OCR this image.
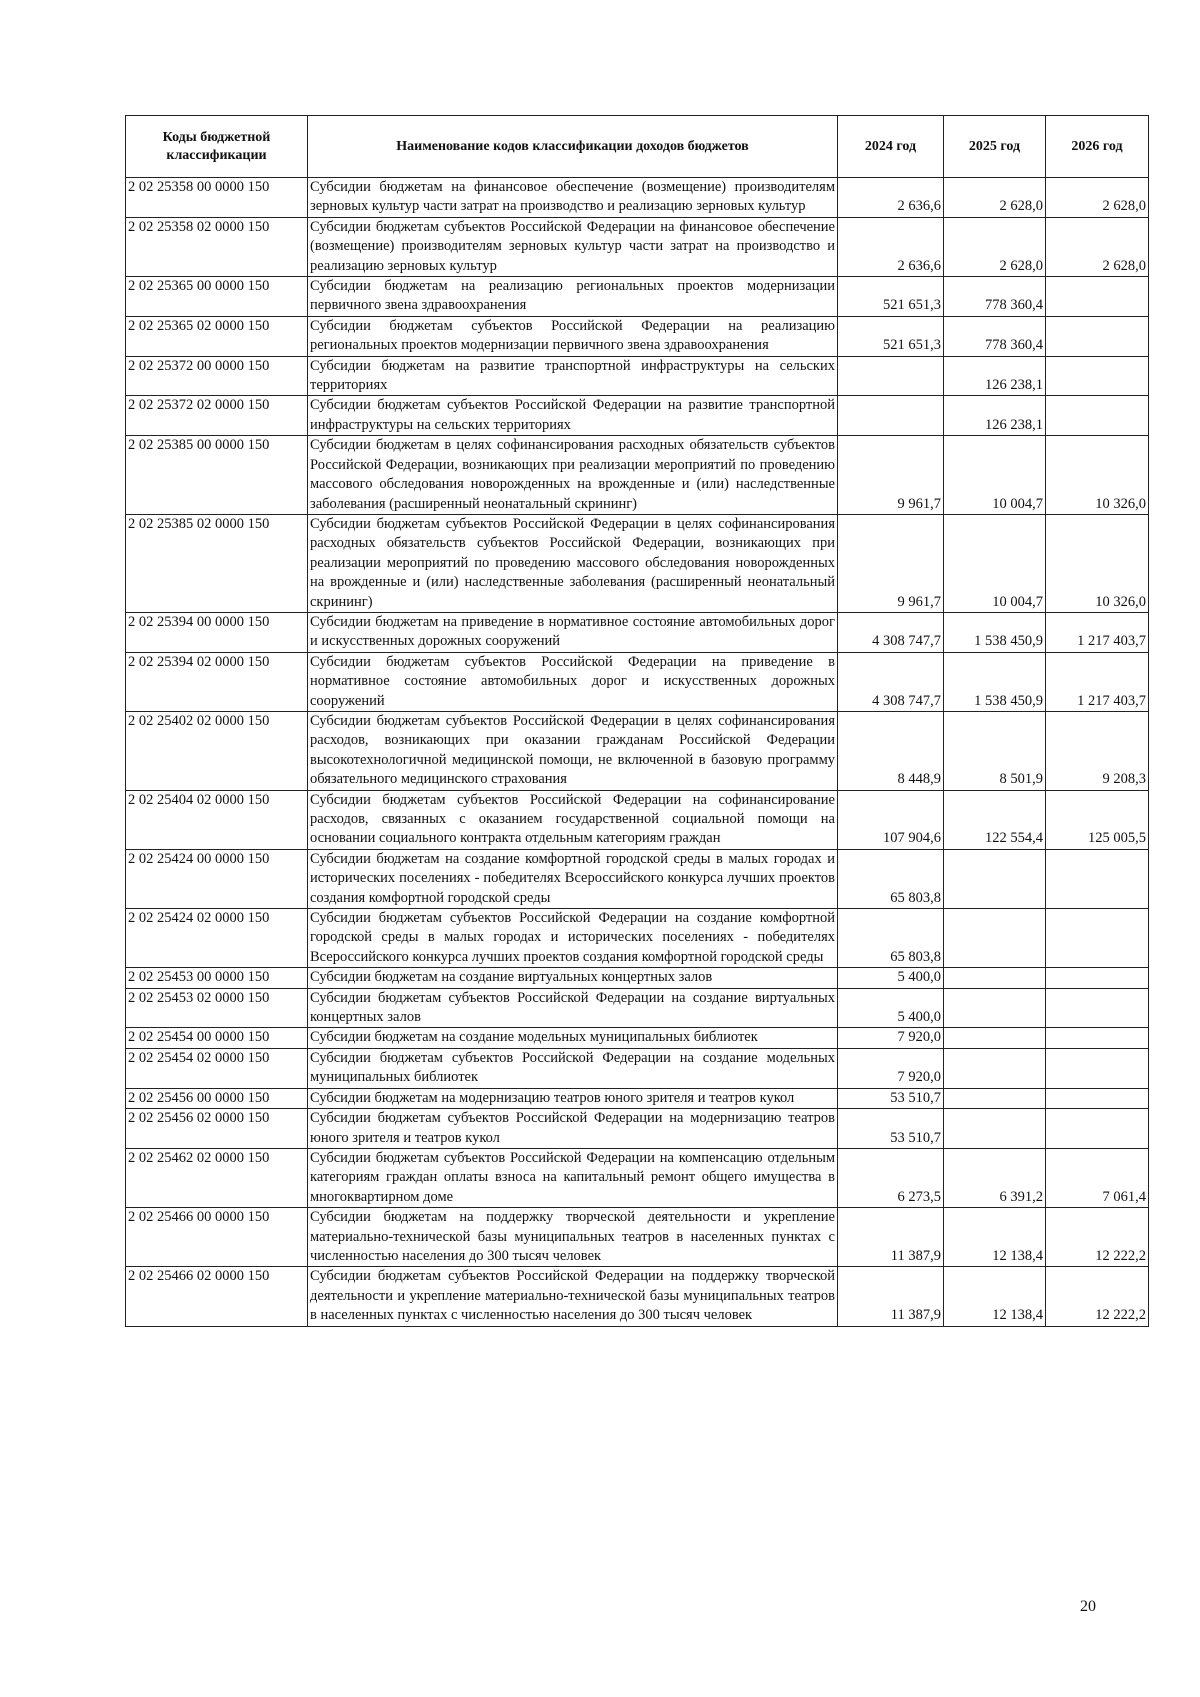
Коды бюджетной классификации	Наименование кодов классификации доходов бюджетов	2024 год	2025 год	2026 год
2 02 25358 00 0000 150	Субсидии бюджетам на финансовое обеспечение (возмещение) производителям зерновых культур части затрат на производство и реализацию зерновых культур	2 636,6	2 628,0	2 628,0
2 02 25358 02 0000 150	Субсидии бюджетам субъектов Российской Федерации на финансовое обеспечение (возмещение) производителям зерновых культур части затрат на производство и реализацию зерновых культур	2 636,6	2 628,0	2 628,0
2 02 25365 00 0000 150	Субсидии бюджетам на реализацию региональных проектов модернизации первичного звена здравоохранения	521 651,3	778 360,4	
2 02 25365 02 0000 150	Субсидии бюджетам субъектов Российской Федерации на реализацию региональных проектов модернизации первичного звена здравоохранения	521 651,3	778 360,4	
2 02 25372 00 0000 150	Субсидии бюджетам на развитие транспортной инфраструктуры на сельских территориях		126 238,1	
2 02 25372 02 0000 150	Субсидии бюджетам субъектов Российской Федерации на развитие транспортной инфраструктуры на сельских территориях		126 238,1	
2 02 25385 00 0000 150	Субсидии бюджетам в целях софинансирования расходных обязательств субъектов Российской Федерации, возникающих при реализации мероприятий по проведению массового обследования новорожденных на врожденные и (или) наследственные заболевания (расширенный неонатальный скрининг)	9 961,7	10 004,7	10 326,0
2 02 25385 02 0000 150	Субсидии бюджетам субъектов Российской Федерации в целях софинансирования расходных обязательств субъектов Российской Федерации, возникающих при реализации мероприятий по проведению массового обследования новорожденных на врожденные и (или) наследственные заболевания (расширенный неонатальный скрининг)	9 961,7	10 004,7	10 326,0
2 02 25394 00 0000 150	Субсидии бюджетам на приведение в нормативное состояние автомобильных дорог и искусственных дорожных сооружений	4 308 747,7	1 538 450,9	1 217 403,7
2 02 25394 02 0000 150	Субсидии бюджетам субъектов Российской Федерации на приведение в нормативное состояние автомобильных дорог и искусственных дорожных сооружений	4 308 747,7	1 538 450,9	1 217 403,7
2 02 25402 02 0000 150	Субсидии бюджетам субъектов Российской Федерации в целях софинансирования расходов, возникающих при оказании гражданам Российской Федерации высокотехнологичной медицинской помощи, не включенной в базовую программу обязательного медицинского страхования	8 448,9	8 501,9	9 208,3
2 02 25404 02 0000 150	Субсидии бюджетам субъектов Российской Федерации на софинансирование расходов, связанных с оказанием государственной социальной помощи на основании социального контракта отдельным категориям граждан	107 904,6	122 554,4	125 005,5
2 02 25424 00 0000 150	Субсидии бюджетам на создание комфортной городской среды в малых городах и исторических поселениях - победителях Всероссийского конкурса лучших проектов создания комфортной городской среды	65 803,8		
2 02 25424 02 0000 150	Субсидии бюджетам субъектов Российской Федерации на создание комфортной городской среды в малых городах и исторических поселениях - победителях Всероссийского конкурса лучших проектов создания комфортной городской среды	65 803,8		
2 02 25453 00 0000 150	Субсидии бюджетам на создание виртуальных концертных залов	5 400,0		
2 02 25453 02 0000 150	Субсидии бюджетам субъектов Российской Федерации на создание виртуальных концертных залов	5 400,0		
2 02 25454 00 0000 150	Субсидии бюджетам на создание модельных муниципальных библиотек	7 920,0		
2 02 25454 02 0000 150	Субсидии бюджетам субъектов Российской Федерации на создание модельных муниципальных библиотек	7 920,0		
2 02 25456 00 0000 150	Субсидии бюджетам на модернизацию театров юного зрителя и театров кукол	53 510,7		
2 02 25456 02 0000 150	Субсидии бюджетам субъектов Российской Федерации на модернизацию театров юного зрителя и театров кукол	53 510,7		
2 02 25462 02 0000 150	Субсидии бюджетам субъектов Российской Федерации на компенсацию отдельным категориям граждан оплаты взноса на капитальный ремонт общего имущества в многоквартирном доме	6 273,5	6 391,2	7 061,4
2 02 25466 00 0000 150	Субсидии бюджетам на поддержку творческой деятельности и укрепление материально-технической базы муниципальных театров в населенных пунктах с численностью населения до 300 тысяч человек	11 387,9	12 138,4	12 222,2
2 02 25466 02 0000 150	Субсидии бюджетам субъектов Российской Федерации на поддержку творческой деятельности и укрепление материально-технической базы муниципальных театров в населенных пунктах с численностью населения до 300 тысяч человек	11 387,9	12 138,4	12 222,2
20
